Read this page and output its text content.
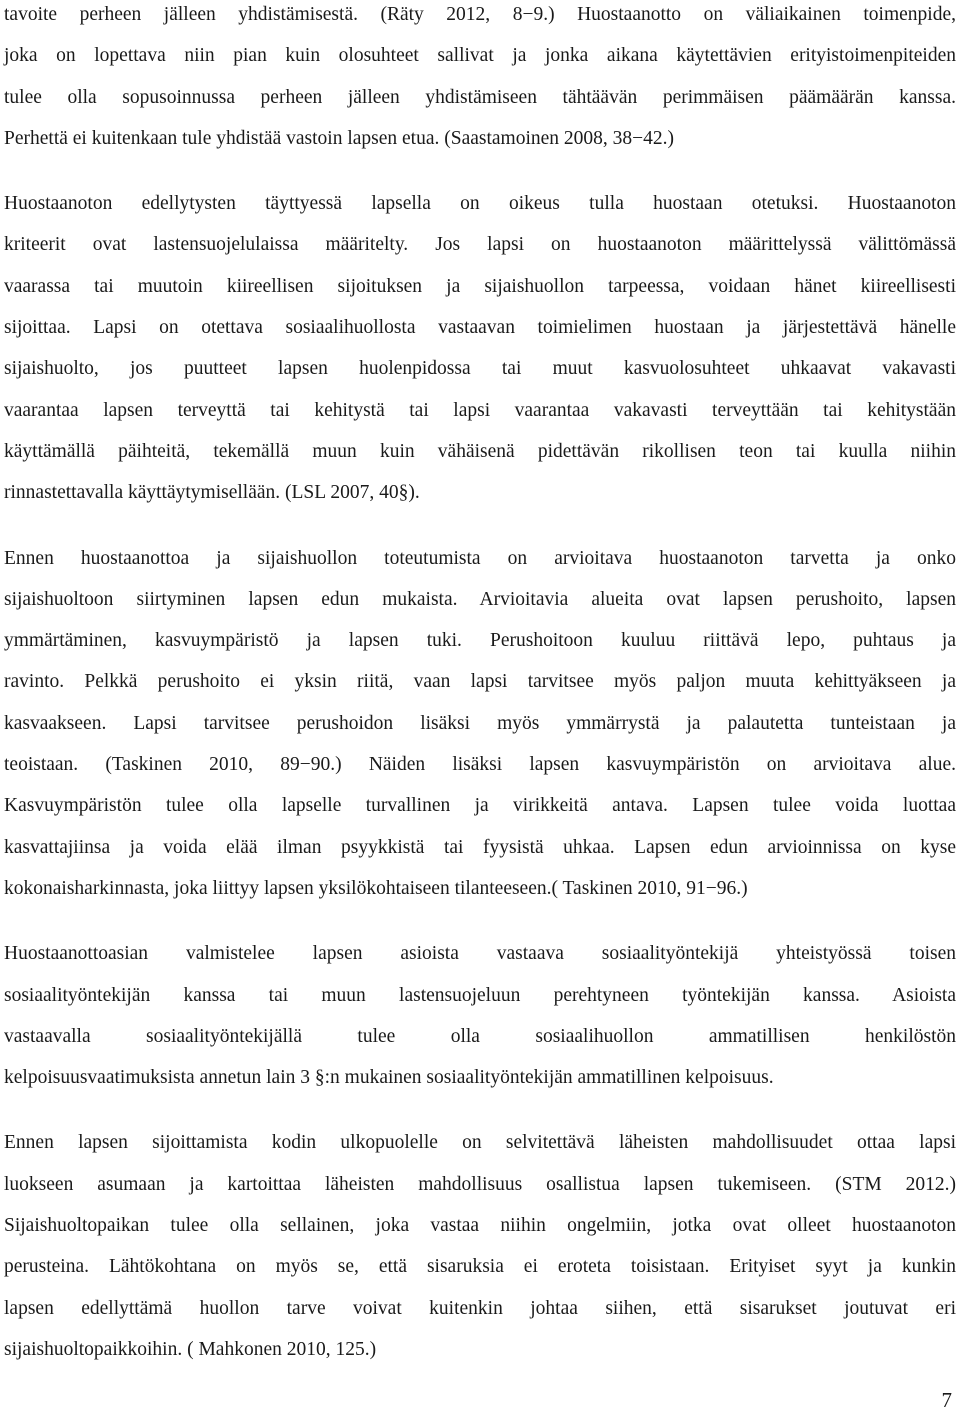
tavoite perheen jälleen yhdistämisestä. (Räty 2012, 8−9.) Huostaanotto on väliaikainen toimenpide,
joka on lopettava niin pian kuin olosuhteet sallivat ja jonka aikana käytettävien erityistoimenpiteiden
tulee olla sopusoinnussa perheen jälleen yhdistämiseen tähtäävän perimmäisen päämäärän kanssa.
Perhettä ei kuitenkaan tule yhdistää vastoin lapsen etua. (Saastamoinen 2008, 38−42.)

Huostaanoton edellytysten täyttyessä lapsella on oikeus tulla huostaan otetuksi. Huostaanoton
kriteerit ovat lastensuojelulaissa määritelty. Jos lapsi on huostaanoton määrittelyssä välittömässä
vaarassa tai muutoin kiireellisen sijoituksen ja sijaishuollon tarpeessa, voidaan hänet kiireellisesti
sijoittaa. Lapsi on otettava sosiaalihuollosta vastaavan toimielimen huostaan ja järjestettävä hänelle
sijaishuolto, jos puutteet lapsen huolenpidossa tai muut kasvuolosuhteet uhkaavat vakavasti
vaarantaa lapsen terveyttä tai kehitystä tai lapsi vaarantaa vakavasti terveyttään tai kehitystään
käyttämällä päihteitä, tekemällä muun kuin vähäisenä pidettävän rikollisen teon tai kuulla niihin
rinnastettavalla käyttäytymisellään. (LSL 2007, 40§).

Ennen huostaanottoa ja sijaishuollon toteutumista on arvioitava huostaanoton tarvetta ja onko
sijaishuoltoon siirtyminen lapsen edun mukaista. Arvioitavia alueita ovat lapsen perushoito, lapsen
ymmärtäminen, kasvuympäristö ja lapsen tuki. Perushoitoon kuuluu riittävä lepo, puhtaus ja
ravinto. Pelkkä perushoito ei yksin riitä, vaan lapsi tarvitsee myös paljon muuta kehittyäkseen ja
kasvaakseen. Lapsi tarvitsee perushoidon lisäksi myös ymmärrystä ja palautetta tunteistaan ja
teoistaan. (Taskinen 2010, 89−90.) Näiden lisäksi lapsen kasvuympäristön on arvioitava alue.
Kasvuympäristön tulee olla lapselle turvallinen ja virikkeitä antava. Lapsen tulee voida luottaa
kasvattajiinsa ja voida elää ilman psyykkistä tai fyysistä uhkaa. Lapsen edun arvioinnissa on kyse
kokonaisharkinnasta, joka liittyy lapsen yksilökohtaiseen tilanteeseen.( Taskinen 2010, 91−96.)

Huostaanottoasian valmistelee lapsen asioista vastaava sosiaalityöntekijä yhteistyössä toisen
sosiaalityöntekijän kanssa tai muun lastensuojeluun perehtyneen työntekijän kanssa. Asioista
vastaavalla sosiaalityöntekijällä tulee olla sosiaalihuollon ammatillisen henkilöstön
kelpoisuusvaatimuksista annetun lain 3 §:n mukainen sosiaalityöntekijän ammatillinen kelpoisuus.

Ennen lapsen sijoittamista kodin ulkopuolelle on selvitettävä läheisten mahdollisuudet ottaa lapsi
luokseen asumaan ja kartoittaa läheisten mahdollisuus osallistua lapsen tukemiseen. (STM 2012.)
Sijaishuoltopaikan tulee olla sellainen, joka vastaa niihin ongelmiin, jotka ovat olleet huostaanoton
perusteina. Lähtökohtana on myös se, että sisaruksia ei eroteta toisistaan. Erityiset syyt ja kunkin
lapsen edellyttämä huollon tarve voivat kuitenkin johtaa siihen, että sisarukset joutuvat eri
sijaishuoltopaikkoihin. ( Mahkonen 2010, 125.)

7
